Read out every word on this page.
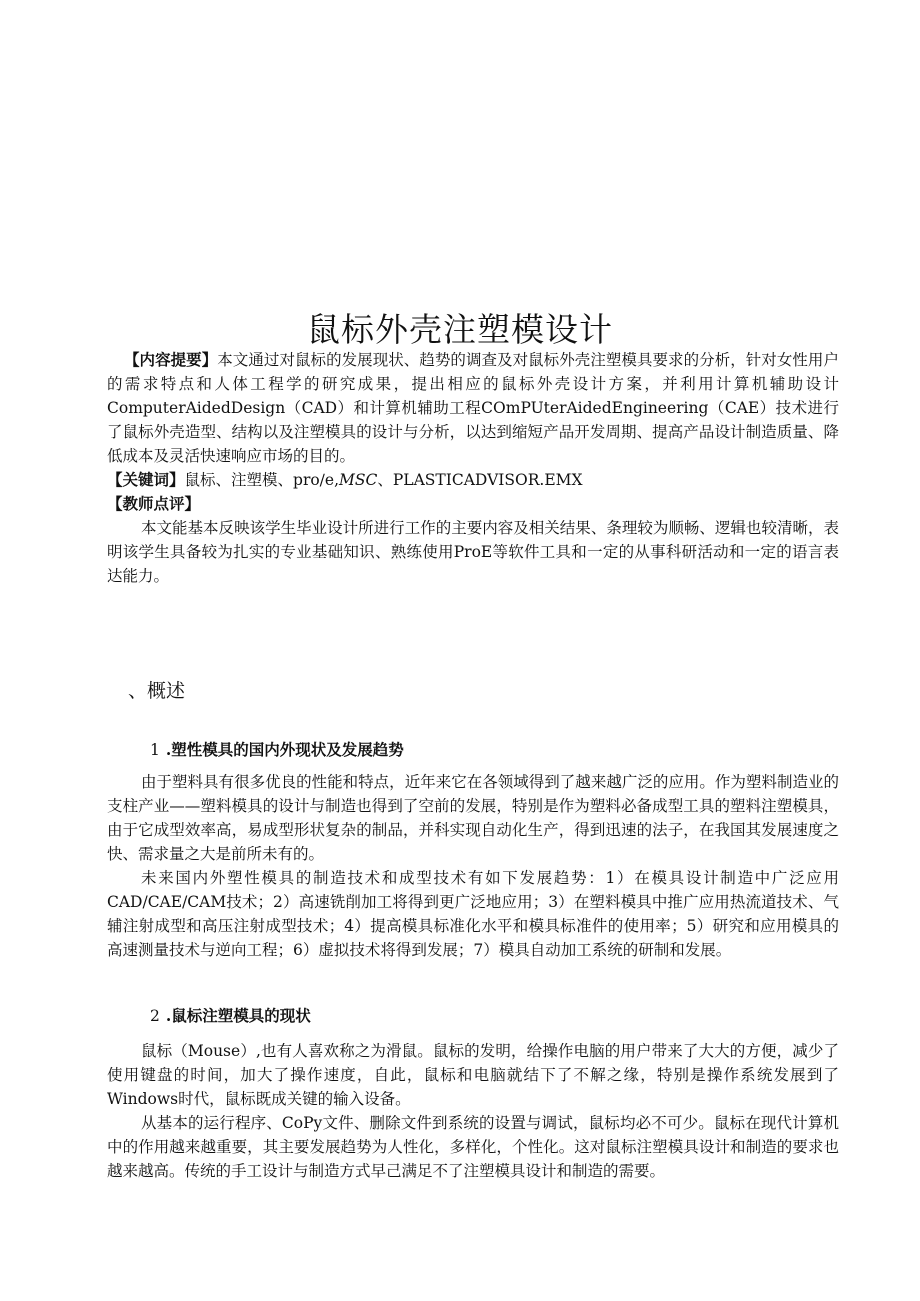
鼠标外壳注塑模设计

【内容提要】本文通过对鼠标的发展现状、趋势的调查及对鼠标外壳注塑模具要求的分析，针对女性用户的需求特点和人体工程学的研究成果，提出相应的鼠标外壳设计方案，并利用计算机辅助设计ComputerAidedDesign（CAD）和计算机辅助工程COmPUterAidedEngineering（CAE）技术进行了鼠标外壳造型、结构以及注塑模具的设计与分析，以达到缩短产品开发周期、提高产品设计制造质量、降低成本及灵活快速响应市场的目的。

【关键词】鼠标、注塑模、pro∕e,MSC、PLASTICADVISOR.EMX

【教师点评】

本文能基本反映该学生毕业设计所进行工作的主要内容及相关结果、条理较为顺畅、逻辑也较清晰，表明该学生具备较为扎实的专业基础知识、熟练使用ProE等软件工具和一定的从事科研活动和一定的语言表达能力。

、概述
1 .塑性模具的国内外现状及发展趋势

由于塑料具有很多优良的性能和特点，近年来它在各领域得到了越来越广泛的应用。作为塑料制造业的支柱产业——塑料模具的设计与制造也得到了空前的发展，特别是作为塑料必备成型工具的塑料注塑模具，由于它成型效率高，易成型形状复杂的制品，并科实现自动化生产，得到迅速的法子，在我国其发展速度之快、需求量之大是前所未有的。

未来国内外塑性模具的制造技术和成型技术有如下发展趋势：1）在模具设计制造中广泛应用CAD/CAE/CAM技术；2）高速铣削加工将得到更广泛地应用；3）在塑料模具中推广应用热流道技术、气辅注射成型和高压注射成型技术；4）提高模具标准化水平和模具标准件的使用率；5）研究和应用模具的高速测量技术与逆向工程；6）虚拟技术将得到发展；7）模具自动加工系统的研制和发展。

2 .鼠标注塑模具的现状

鼠标（Mouse）,也有人喜欢称之为滑鼠。鼠标的发明，给操作电脑的用户带来了大大的方便，减少了使用键盘的时间，加大了操作速度，自此，鼠标和电脑就结下了不解之缘，特别是操作系统发展到了Windows时代，鼠标既成关键的输入设备。

从基本的运行程序、CoPy文件、删除文件到系统的设置与调试，鼠标均必不可少。鼠标在现代计算机中的作用越来越重要，其主要发展趋势为人性化，多样化，个性化。这对鼠标注塑模具设计和制造的要求也越来越高。传统的手工设计与制造方式早己满足不了注塑模具设计和制造的需要。
